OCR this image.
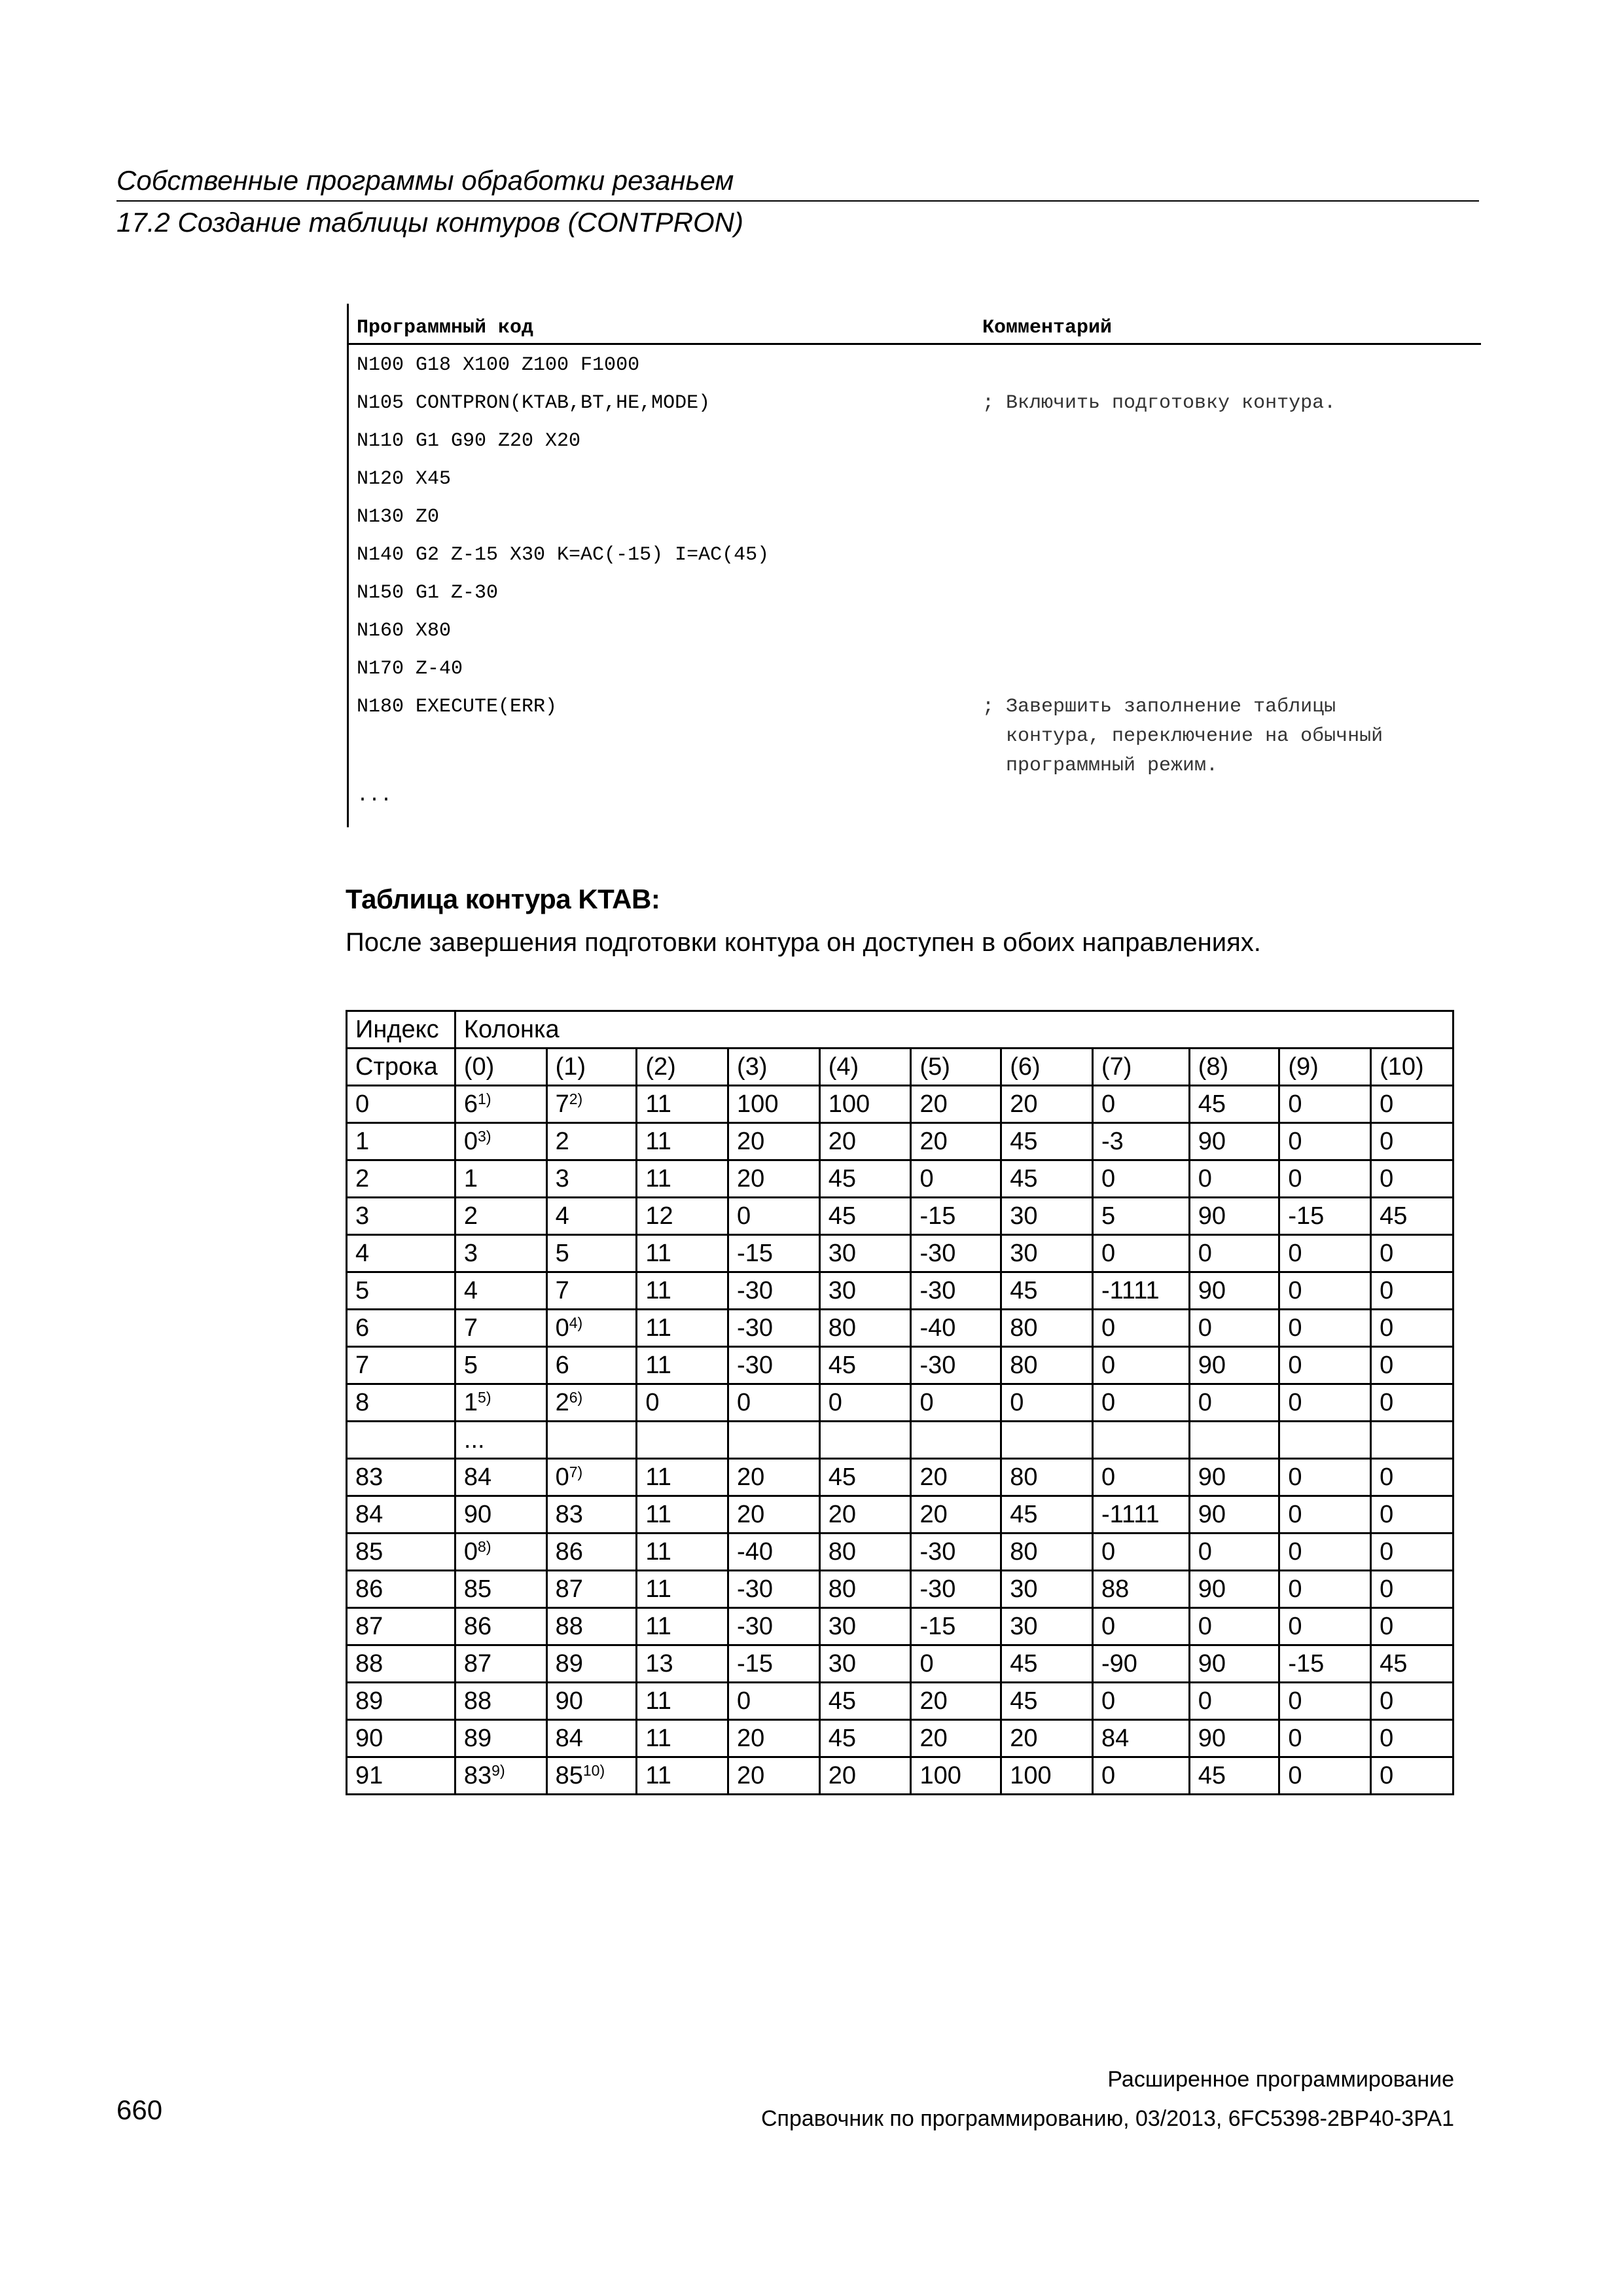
Собственные программы обработки резаньем
17.2 Создание таблицы контуров (CONTPRON)
Программный код	Комментарий
N100 G18 X100 Z100 F1000
N105 CONTPRON(KTAB,BT,HE,MODE)	; Включить подготовку контура.
N110 G1 G90 Z20 X20
N120 X45
N130 Z0
N140 G2 Z-15 X30 K=AC(-15) I=AC(45)
N150 G1 Z-30
N160 X80
N170 Z-40
N180 EXECUTE(ERR)	; Завершить заполнение таблицы
контура, переключение на обычный
программный режим.
...
Таблица контура KTAB:
После завершения подготовки контура он доступен в обоих направлениях.
Индекс	Колонка										
Строка	(0)	(1)	(2)	(3)	(4)	(5)	(6)	(7)	(8)	(9)	(10)
0	6$^{1)}$	7$^{2)}$	11	100	100	20	20	0	45	0	0
1	0$^{3)}$	2	11	20	20	20	45	-3	90	0	0
2	1	3	11	20	45	0	45	0	0	0	0
3	2	4	12	0	45	-15	30	5	90	-15	45
4	3	5	11	-15	30	-30	30	0	0	0	0
5	4	7	11	-30	30	-30	45	-1111	90	0	0
6	7	0$^{4)}$	11	-30	80	-40	80	0	0	0	0
7	5	6	11	-30	45	-30	80	0	90	0	0
8	1$^{5)}$	2$^{6)}$	0	0	0	0	0	0	0	0	0
	...										
83	84	0$^{7)}$	11	20	45	20	80	0	90	0	0
84	90	83	11	20	20	20	45	-1111	90	0	0
85	0$^{8)}$	86	11	-40	80	-30	80	0	0	0	0
86	85	87	11	-30	80	-30	30	88	90	0	0
87	86	88	11	-30	30	-15	30	0	0	0	0
88	87	89	13	-15	30	0	45	-90	90	-15	45
89	88	90	11	0	45	20	45	0	0	0	0
90	89	84	11	20	45	20	20	84	90	0	0
91	83$^{9)}$	85$^{10)}$	11	20	20	100	100	0	45	0	0
Расширенное программирование
660	Справочник по программированию, 03/2013, 6FC5398-2BP40-3PA1
